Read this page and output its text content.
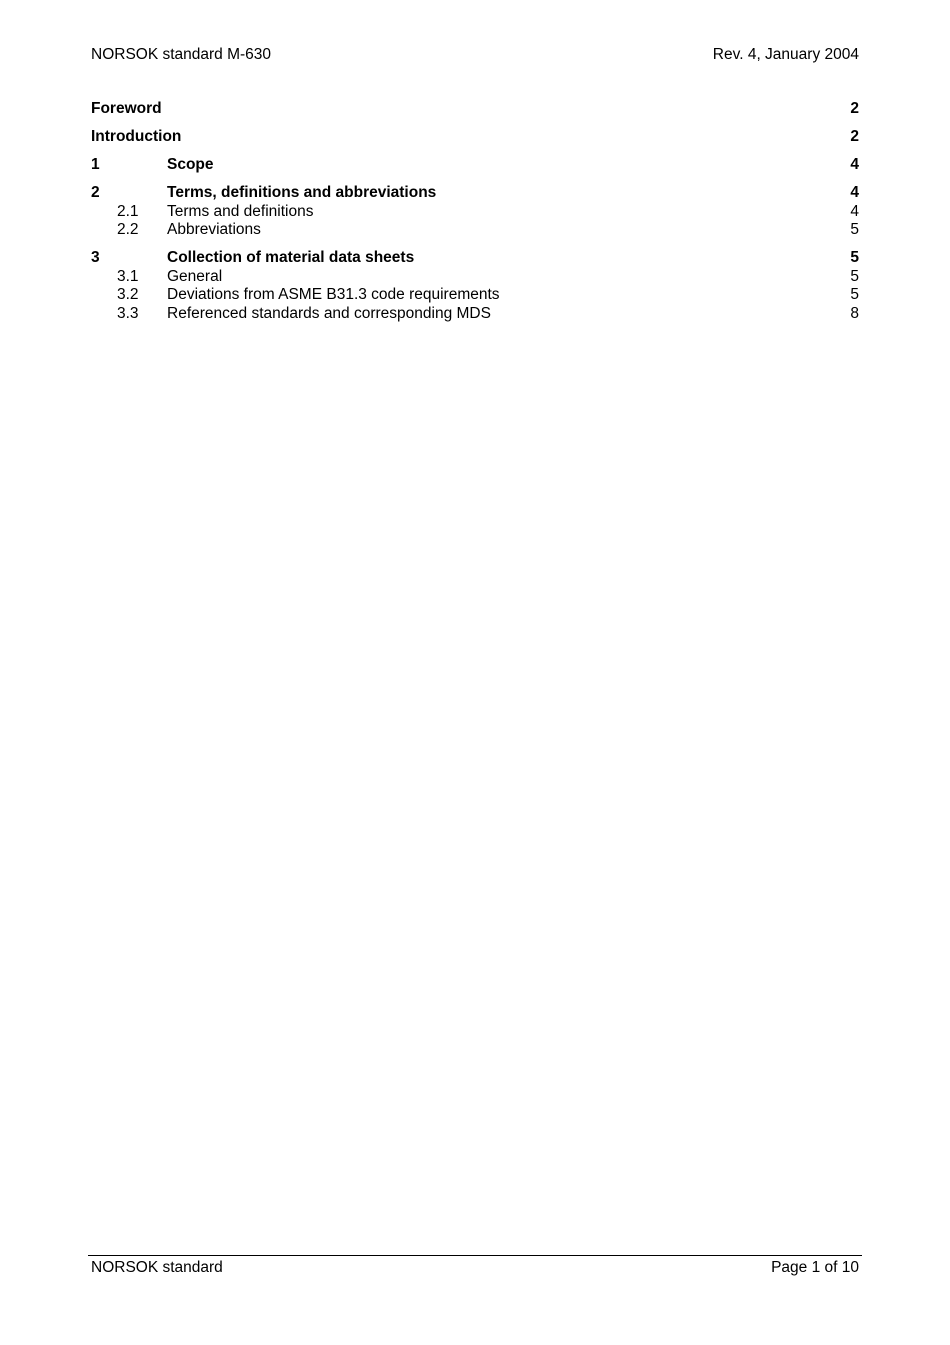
NORSOK standard M-630	Rev. 4, January 2004
Foreword	2
Introduction	2
1	Scope	4
2	Terms, definitions and abbreviations	4
2.1 Terms and definitions	4
2.2 Abbreviations	5
3	Collection of material data sheets	5
3.1 General	5
3.2 Deviations from ASME B31.3 code requirements	5
3.3 Referenced standards and corresponding MDS	8
NORSOK standard	Page 1 of 10
